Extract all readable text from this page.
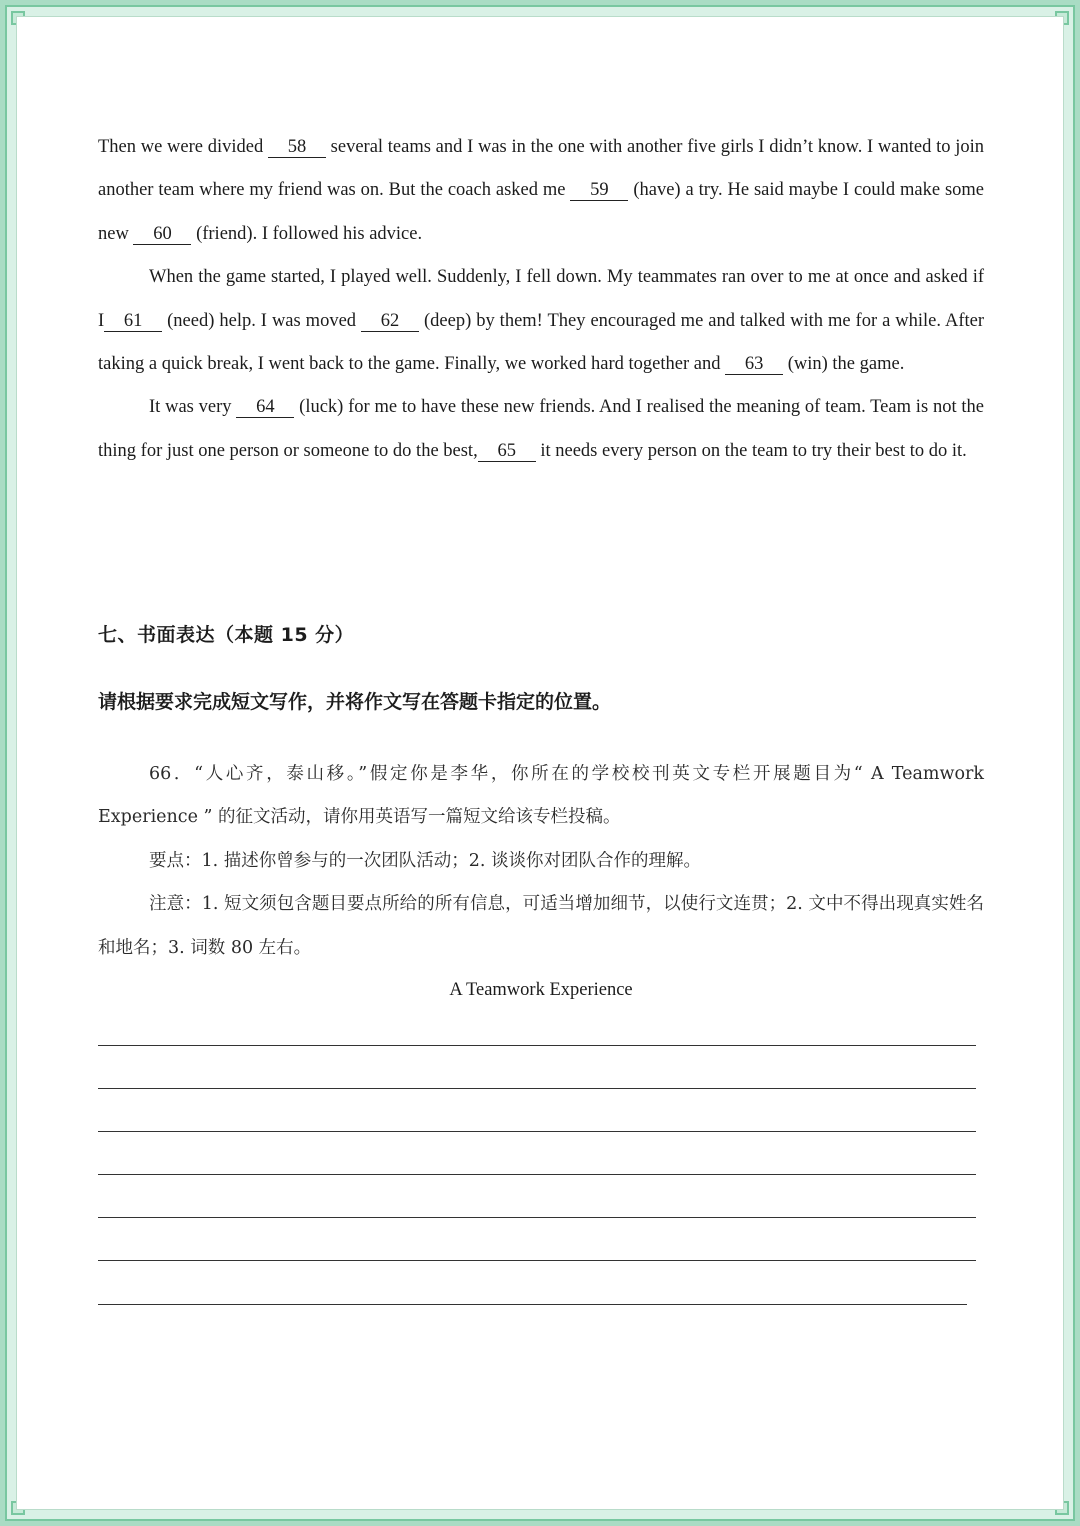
Then we were divided 58 several teams and I was in the one with another five girls I didn’t know. I wanted to join another team where my friend was on. But the coach asked me 59 (have) a try. He said maybe I could make some new 60 (friend). I followed his advice.

When the game started, I played well. Suddenly, I fell down. My teammates ran over to me at once and asked if I 61 (need) help. I was moved 62 (deep) by them! They encouraged me and talked with me for a while. After taking a quick break, I went back to the game. Finally, we worked hard together and 63 (win) the game.

It was very 64 (luck) for me to have these new friends. And I realised the meaning of team. Team is not the thing for just one person or someone to do the best, 65 it needs every person on the team to try their best to do it.

七、书面表达（本题 15 分）
请根据要求完成短文写作，并将作文写在答题卡指定的位置。

66．“人心齐，泰山移。”假定你是李华，你所在的学校校刊英文专栏开展题目为“ A Teamwork Experience ” 的征文活动，请你用英语写一篇短文给该专栏投稿。

要点：1. 描述你曾参与的一次团队活动；2. 谈谈你对团队合作的理解。

注意：1. 短文须包含题目要点所给的所有信息，可适当增加细节，以使行文连贯；2. 文中不得出现真实姓名和地名；3. 词数 80 左右。

A Teamwork Experience
